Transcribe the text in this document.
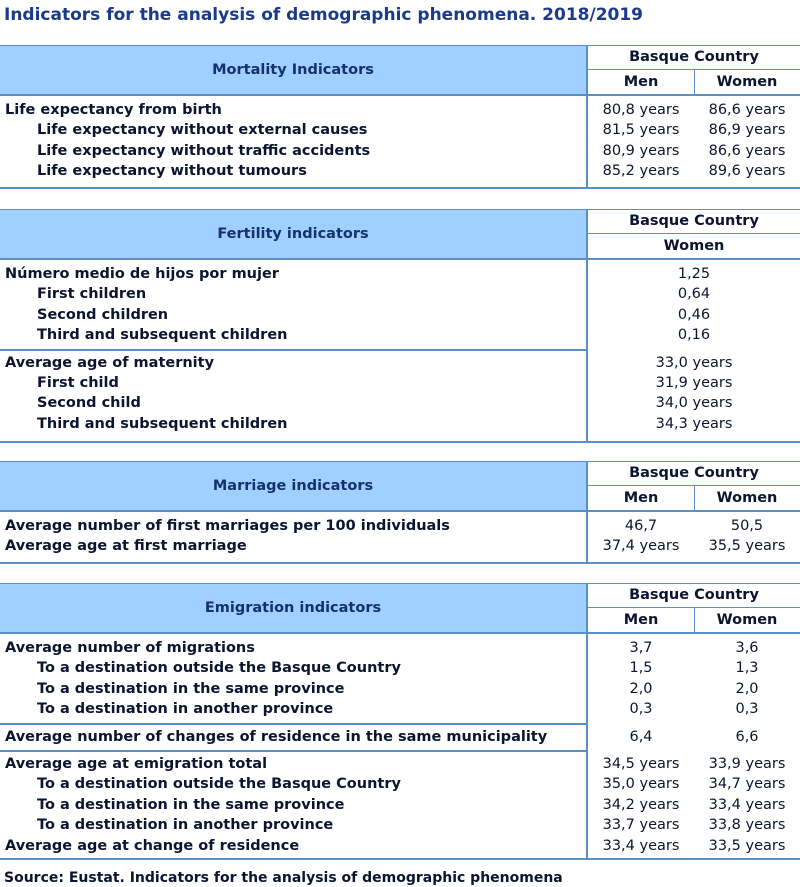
Indicators for the analysis of demographic phenomena. 2018/2019
Mortality Indicators
Basque Country
Men	Women
Life expectancy from birth	80,8 years	86,6 years
Life expectancy without external causes	81,5 years	86,9 years
Life expectancy without traffic accidents	80,9 years	86,6 years
Life expectancy without tumours	85,2 years	89,6 years
Fertility indicators
Basque Country
Women
Número medio de hijos por mujer	1,25
First children	0,64
Second children	0,46
Third and subsequent children	0,16
Average age of maternity	33,0 years
First child	31,9 years
Second child	34,0 years
Third and subsequent children	34,3 years
Marriage indicators
Basque Country
Men	Women
Average number of first marriages per 100 individuals	46,7	50,5
Average age at first marriage	37,4 years	35,5 years
Emigration indicators
Basque Country
Men	Women
Average number of migrations	3,7	3,6
To a destination outside the Basque Country	1,5	1,3
To a destination in the same province	2,0	2,0
To a destination in another province	0,3	0,3
Average number of changes of residence in the same municipality	6,4	6,6
Average age at emigration total	34,5 years	33,9 years
To a destination outside the Basque Country	35,0 years	34,7 years
To a destination in the same province	34,2 years	33,4 years
To a destination in another province	33,7 years	33,8 years
Average age at change of residence	33,4 years	33,5 years
Source: Eustat. Indicators for the analysis of demographic phenomena
